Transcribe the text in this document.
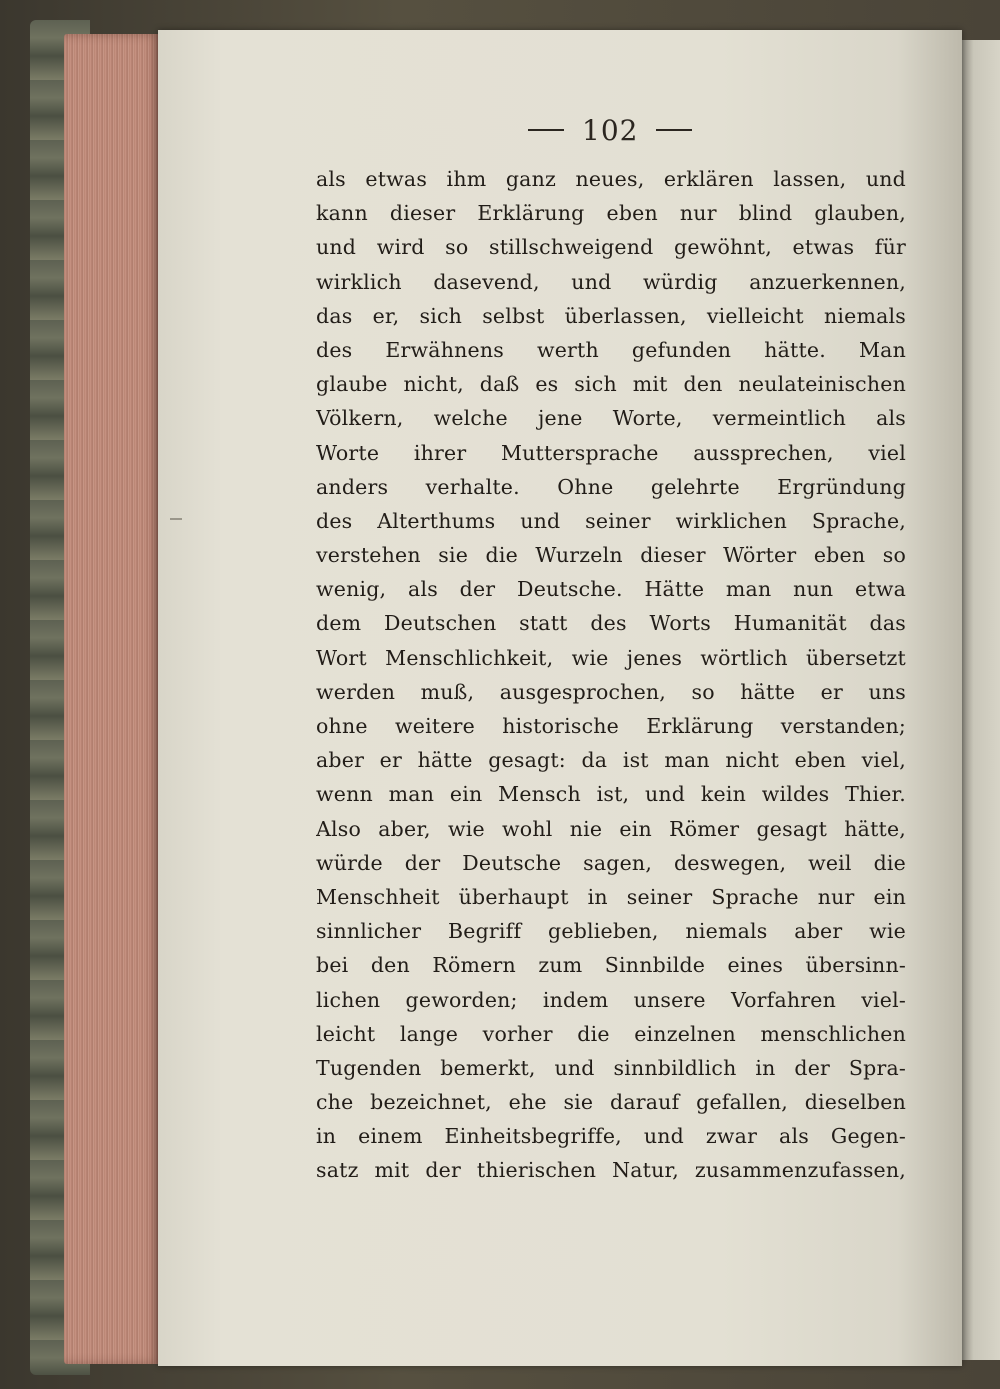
102
als etwas ihm ganz neues, erklären lassen, und
kann dieser Erklärung eben nur blind glauben,
und wird so stillschweigend gewöhnt, etwas für
wirklich dasevend, und würdig anzuerkennen,
das er, sich selbst überlassen, vielleicht niemals
des Erwähnens werth gefunden hätte. Man
glaube nicht, daß es sich mit den neulateinischen
Völkern, welche jene Worte, vermeintlich als
Worte ihrer Muttersprache aussprechen, viel
anders verhalte. Ohne gelehrte Ergründung
des Alterthums und seiner wirklichen Sprache,
verstehen sie die Wurzeln dieser Wörter eben so
wenig, als der Deutsche. Hätte man nun etwa
dem Deutschen statt des Worts Humanität das
Wort Menschlichkeit, wie jenes wörtlich übersetzt
werden muß, ausgesprochen, so hätte er uns
ohne weitere historische Erklärung verstanden;
aber er hätte gesagt: da ist man nicht eben viel,
wenn man ein Mensch ist, und kein wildes Thier.
Also aber, wie wohl nie ein Römer gesagt hätte,
würde der Deutsche sagen, deswegen, weil die
Menschheit überhaupt in seiner Sprache nur ein
sinnlicher Begriff geblieben, niemals aber wie
bei den Römern zum Sinnbilde eines übersinn-
lichen geworden; indem unsere Vorfahren viel-
leicht lange vorher die einzelnen menschlichen
Tugenden bemerkt, und sinnbildlich in der Spra-
che bezeichnet, ehe sie darauf gefallen, dieselben
in einem Einheitsbegriffe, und zwar als Gegen-
satz mit der thierischen Natur, zusammenzufassen,
